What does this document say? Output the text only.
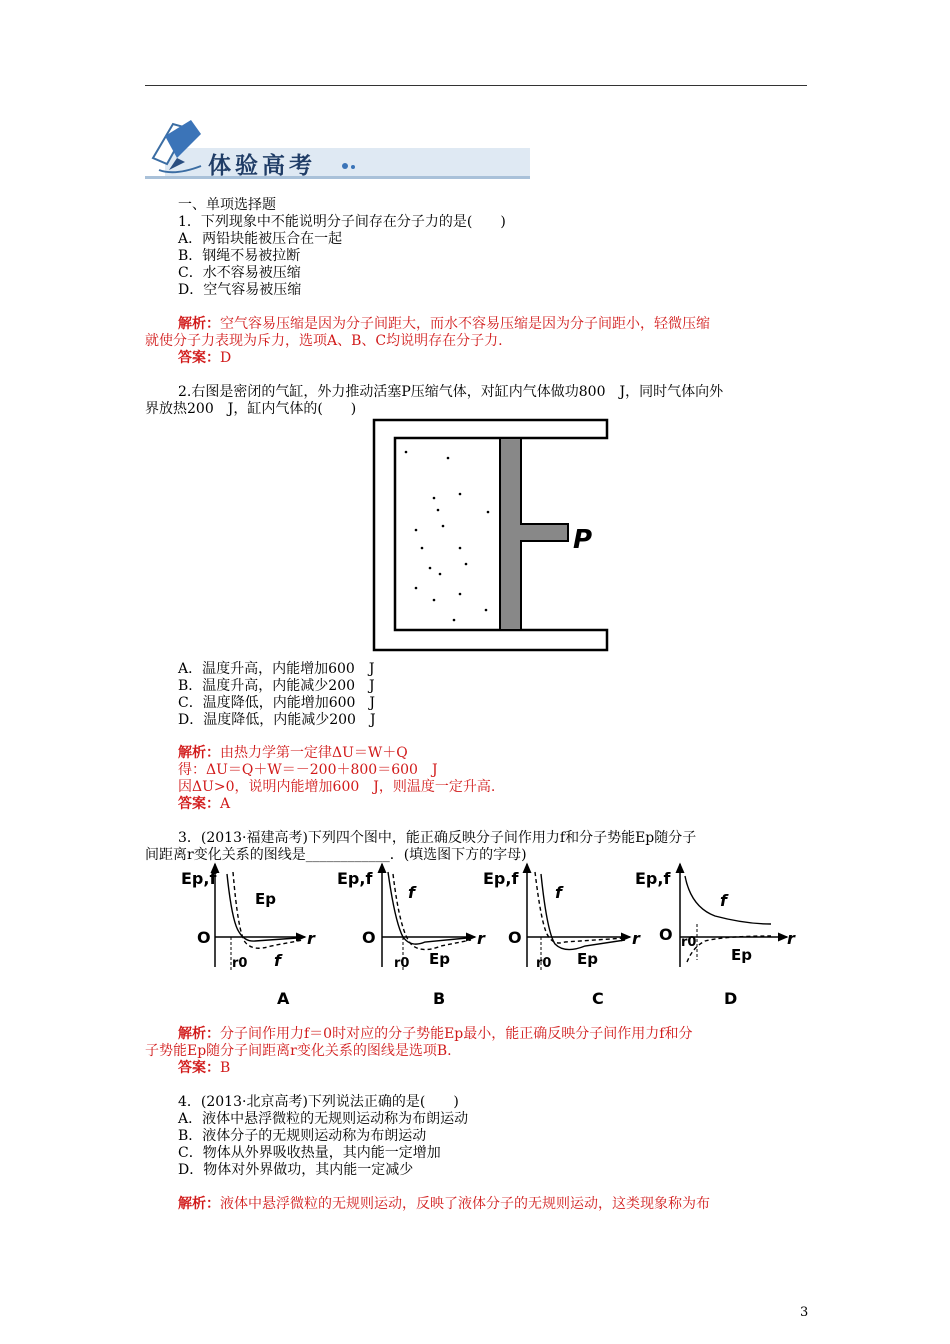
体验高考
一、单项选择题
1．下列现象中不能说明分子间存在分子力的是(　　)
A．两铅块能被压合在一起
B．钢绳不易被拉断
C．水不容易被压缩
D．空气容易被压缩
解析：空气容易压缩是因为分子间距大，而水不容易压缩是因为分子间距小，轻微压缩
就使分子力表现为斥力，选项A、B、C均说明存在分子力.
答案：D
2.右图是密闭的气缸，外力推动活塞P压缩气体，对缸内气体做功800　J，同时气体向外
界放热200　J，缸内气体的(　　)
P
A．温度升高，内能增加600　J
B．温度升高，内能减少200　J
C．温度降低，内能增加600　J
D．温度降低，内能减少200　J
解析：由热力学第一定律ΔU＝W＋Q
得：ΔU＝Q＋W＝－200＋800＝600　J
因ΔU>0，说明内能增加600　J，则温度一定升高.
答案：A
3．(2013·福建高考)下列四个图中，能正确反映分子间作用力f和分子势能Ep随分子
间距离r变化关系的图线是____________．(填选图下方的字母)
Ep,f
O	r
Ep
r0 f
A
Ep,f
O	r
f
r0 Ep
B
Ep,f
O	r
f
r0 Ep
C
Ep,f
O	r
f
r0
Ep
D
解析：分子间作用力f＝0时对应的分子势能Ep最小，能正确反映分子间作用力f和分
子势能Ep随分子间距离r变化关系的图线是选项B.
答案：B
4．(2013·北京高考)下列说法正确的是(　　)
A．液体中悬浮微粒的无规则运动称为布朗运动
B．液体分子的无规则运动称为布朗运动
C．物体从外界吸收热量，其内能一定增加
D．物体对外界做功，其内能一定减少
解析：液体中悬浮微粒的无规则运动，反映了液体分子的无规则运动，这类现象称为布
3
